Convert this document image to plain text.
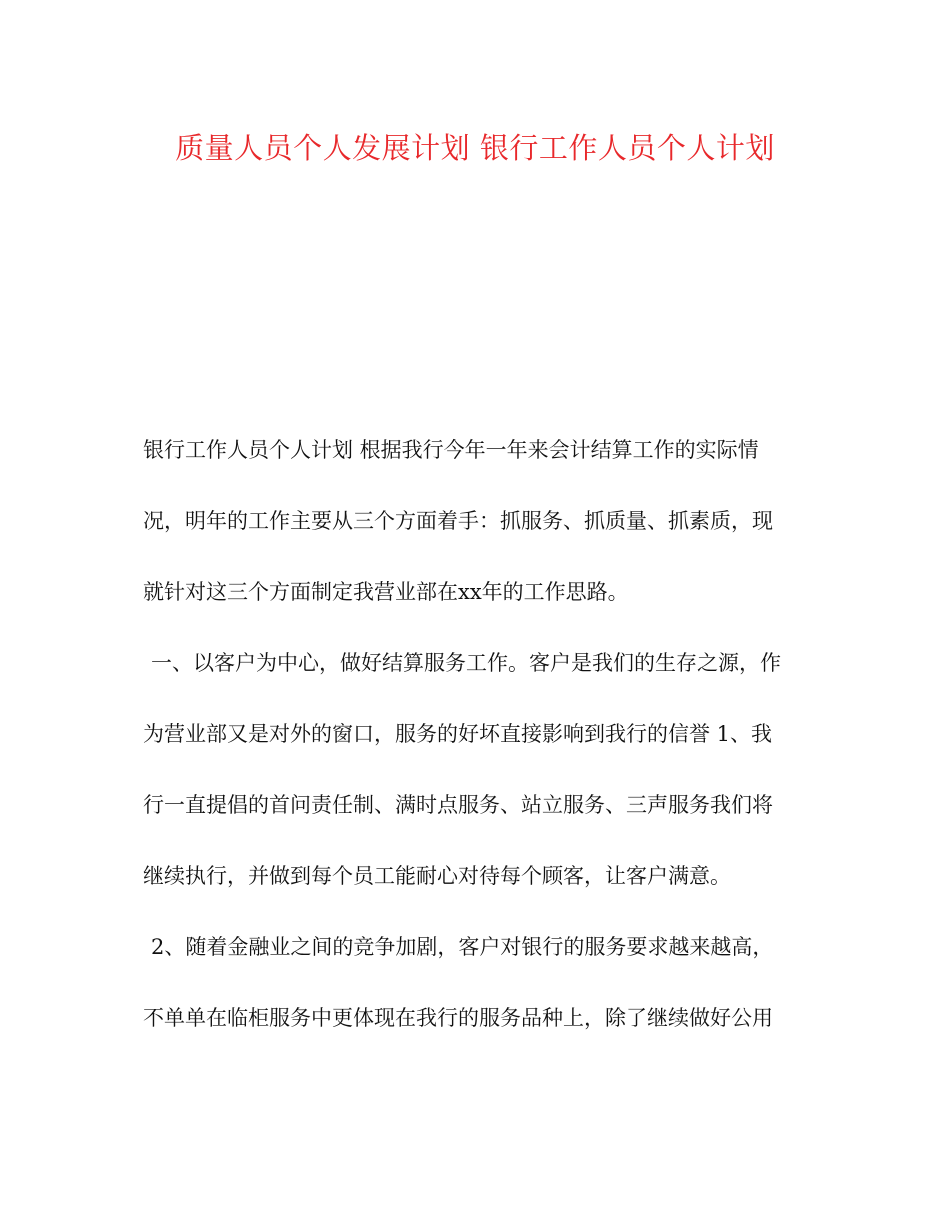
质量人员个人发展计划 银行工作人员个人计划
银行工作人员个人计划 根据我行今年一年来会计结算工作的实际情
况，明年的工作主要从三个方面着手：抓服务、抓质量、抓素质，现
就针对这三个方面制定我营业部在xx年的工作思路。
一、以客户为中心，做好结算服务工作。客户是我们的生存之源，作
为营业部又是对外的窗口，服务的好坏直接影响到我行的信誉 1、我
行一直提倡的首问责任制、满时点服务、站立服务、三声服务我们将
继续执行，并做到每个员工能耐心对待每个顾客，让客户满意。
2、随着金融业之间的竞争加剧，客户对银行的服务要求越来越高，
不单单在临柜服务中更体现在我行的服务品种上，除了继续做好公用
